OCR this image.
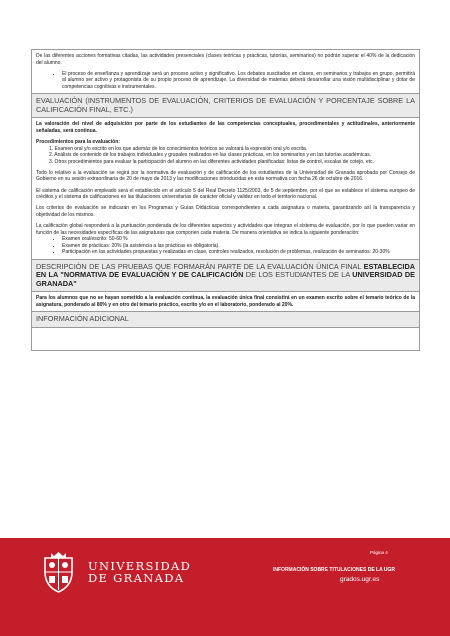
De las diferentes acciones formativas citadas, las actividades presenciales (clases teóricas y prácticas, tutorías, seminarios) no podrán superar el 40% de la dedicación del alumno.

• El proceso de enseñanza y aprendizaje será un proceso activo y significativo. Los debates suscitados en clases, en seminarios y trabajos en grupo, permitirá al alumno ser activo y protagonista de su propio proceso de aprendizaje. La diversidad de materias deberá desarrollar una visión multidisciplinar y dotar de competencias cognitivas e instrumentales.
EVALUACIÓN (INSTRUMENTOS DE EVALUACIÓN, CRITERIOS DE EVALUACIÓN Y PORCENTAJE SOBRE LA CALIFICACIÓN FINAL, ETC.)

La valoración del nivel de adquisición por parte de los estudiantes de las competencias conceptuales, procedimentales y actitudinales, anteriormente señaladas, será continua.

Procedimientos para la evaluación:
1. Examen oral y/o escrito en los que además de los conocimientos teóricos se valorará la expresión oral y/o escrita.
2. Análisis de contenido de los trabajos individuales y grupales realizados en las clases prácticas, en los seminarios y en las tutorías académicas.
3. Otros procedimientos para evaluar la participación del alumno en las diferentes actividades planificadas: listas de control, escalas de cotejo, etc.

Todo lo relativo a la evaluación se regirá por la normativa de evaluación y de calificación de los estudiantes de la Universidad de Granada aprobada por Consejo de Gobierno en su sesión extraordinaria de 20 de mayo de 2013 y las modificaciones introducidas en esta normativa con fecha 26 de octubre de 2016.

El sistema de calificación empleado será el establecido en el artículo 5 del Real Decreto 1125/2003, de 5 de septiembre, por el que se establece el sistema europeo de créditos y el sistema de calificaciones en las titulaciones universitarias de carácter oficial y validez en todo el territorio nacional.

Los criterios de evaluación se indicarán en los Programas y Guías Didácticas correspondientes a cada asignatura o materia, garantizando así la transparencia y objetividad de los mismos.

La calificación global responderá a la puntuación ponderada de los diferentes aspectos y actividades que integran el sistema de evaluación, por lo que pueden variar en función de las necesidades específicas de las asignaturas que componen cada materia. De manera orientativa se indica la siguiente ponderación:

• Examen oral/escrito: 50-60 %
• Examen de prácticas: 20% (la asistencia a las prácticas es obligatoria).
• Participación en las actividades propuestas y realizadas en clase, controles realizados, resolución de problemas, realización de seminarios: 20-30%
DESCRIPCIÓN DE LAS PRUEBAS QUE FORMARÁN PARTE DE LA EVALUACIÓN ÚNICA FINAL ESTABLECIDA EN LA "NORMATIVA DE EVALUACIÓN Y DE CALIFICACIÓN DE LOS ESTUDIANTES DE LA UNIVERSIDAD DE GRANADA"

Para los alumnos que no se hayan sometido a la evaluación continua, la evaluación única final consistirá en un examen escrito sobre el temario teórico de la asignatura, ponderado al 80% y en otro del temario práctico, escrito y/o en el laboratorio, ponderado al 20%.

INFORMACIÓN ADICIONAL
UNIVERSIDAD
DE GRANADA
Página 4
INFORMACIÓN SOBRE TITULACIONES DE LA UGR
grados.ugr.es
